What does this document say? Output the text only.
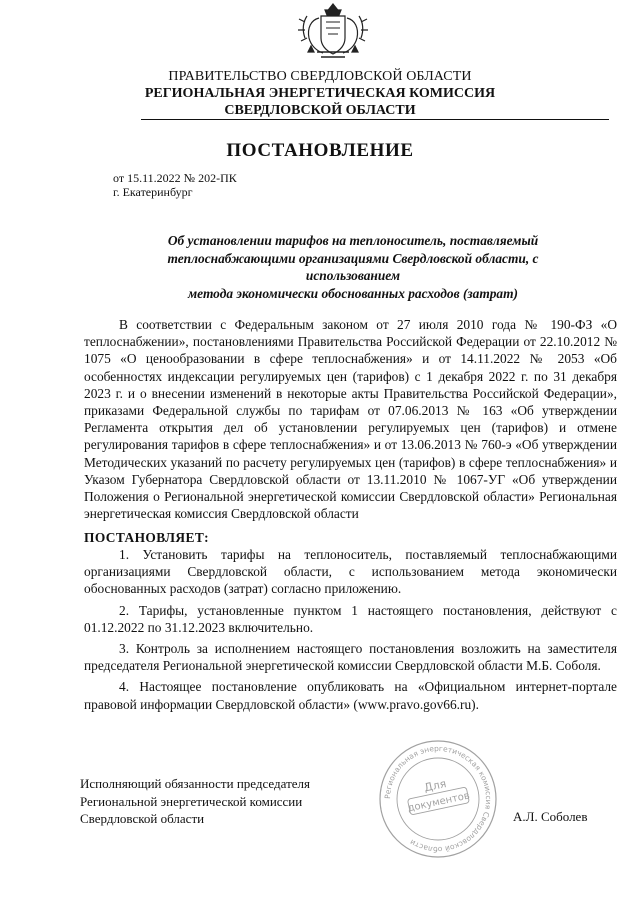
ПРАВИТЕЛЬСТВО СВЕРДЛОВСКОЙ ОБЛАСТИ
РЕГИОНАЛЬНАЯ ЭНЕРГЕТИЧЕСКАЯ КОМИССИЯ
СВЕРДЛОВСКОЙ ОБЛАСТИ
ПОСТАНОВЛЕНИЕ
от 15.11.2022 № 202-ПК
г. Екатеринбург
Об установлении тарифов на теплоноситель, поставляемый
теплоснабжающими организациями Свердловской области, с использованием
метода экономически обоснованных расходов (затрат)
В соответствии с Федеральным законом от 27 июля 2010 года № 190-ФЗ «О теплоснабжении», постановлениями Правительства Российской Федерации от 22.10.2012 № 1075 «О ценообразовании в сфере теплоснабжения» и от 14.11.2022 № 2053 «Об особенностях индексации регулируемых цен (тарифов) с 1 декабря 2022 г. по 31 декабря 2023 г. и о внесении изменений в некоторые акты Правительства Российской Федерации», приказами Федеральной службы по тарифам от 07.06.2013 № 163 «Об утверждении Регламента открытия дел об установлении регулируемых цен (тарифов) и отмене регулирования тарифов в сфере теплоснабжения» и от 13.06.2013 № 760-э «Об утверждении Методических указаний по расчету регулируемых цен (тарифов) в сфере теплоснабжения» и Указом Губернатора Свердловской области от 13.11.2010 № 1067-УГ «Об утверждении Положения о Региональной энергетической комиссии Свердловской области» Региональная энергетическая комиссия Свердловской области
ПОСТАНОВЛЯЕТ:

1. Установить тарифы на теплоноситель, поставляемый теплоснабжающими организациями Свердловской области, с использованием метода экономически обоснованных расходов (затрат) согласно приложению.

2. Тарифы, установленные пунктом 1 настоящего постановления, действуют с 01.12.2022 по 31.12.2023 включительно.

3. Контроль за исполнением настоящего постановления возложить на заместителя председателя Региональной энергетической комиссии Свердловской области М.Б. Соболя.

4. Настоящее постановление опубликовать на «Официальном интернет-портале правовой информации Свердловской области» (www.pravo.gov66.ru).

Исполняющий обязанности председателя
Региональной энергетической комиссии
Свердловской области
Региональная энергетическая комиссия Свердловской области
Для
документов
А.Л. Соболев
